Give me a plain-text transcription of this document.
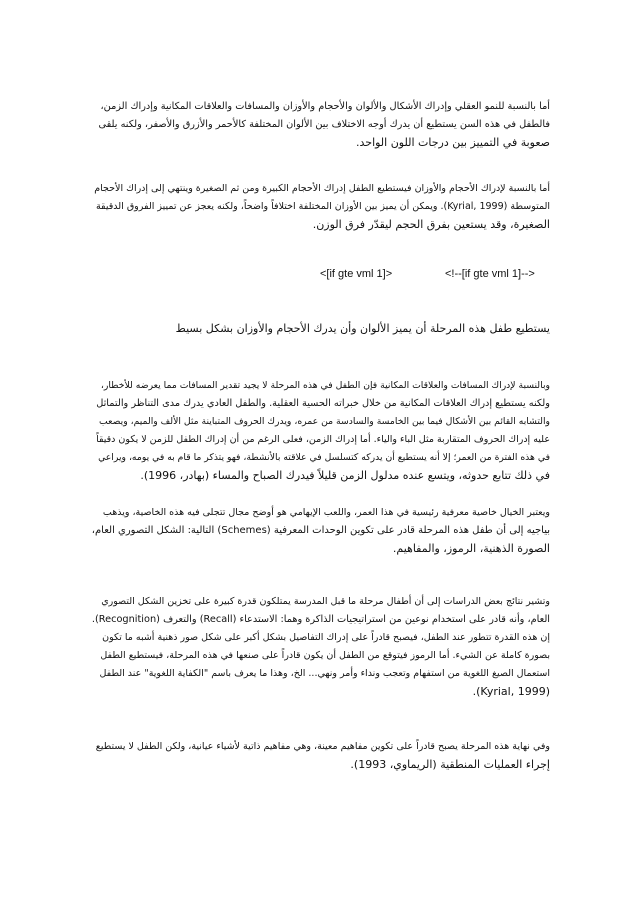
أما بالنسبة للنمو العقلي وإدراك الأشكال والألوان والأحجام والأوزان والمسافات والعلاقات المكانية وإدراك الزمن،
فالطفل في هذه السن يستطيع أن يدرك أوجه الاختلاف بين الألوان المختلفة كالأحمر والأزرق والأصفر، ولكنه يلقى
صعوبة في التمييز بين درجات اللون الواحد.
أما بالنسبة لإدراك الأحجام والأوزان فيستطيع الطفل إدراك الأحجام الكبيرة ومن ثم الصغيرة وينتهي إلى إدراك الأحجام
المتوسطة (Kyrial, 1999). ويمكن أن يميز بين الأوزان المختلفة اختلافاً واضحاً، ولكنه يعجز عن تمييز الفروق الدقيقة
الصغيرة، وقد يستعين بفرق الحجم ليقدّر فرق الوزن.
<!--[if gte vml 1]-->
<[if gte vml 1]>
يستطيع طفل هذه المرحلة أن يميز الألوان وأن يدرك الأحجام والأوزان بشكل بسيط
وبالنسبة لإدراك المسافات والعلاقات المكانية فإن الطفل في هذه المرحلة لا يجيد تقدير المسافات مما يعرضه للأخطار،
ولكنه يستطيع إدراك العلاقات المكانية من خلال خبراته الحسية العقلية. والطفل العادي يدرك مدى التناظر والتماثل
والتشابه القائم بين الأشكال فيما بين الخامسة والسادسة من عمره، ويدرك الحروف المتباينة مثل الألف والميم، ويصعب
عليه إدراك الحروف المتقاربة مثل الباء والياء. أما إدراك الزمن، فعلى الرغم من أن إدراك الطفل للزمن لا يكون دقيقاً
في هذه الفترة من العمر؛ إلا أنه يستطيع أن يدركه كتسلسل في علاقته بالأنشطة، فهو يتذكر ما قام به في يومه، ويراعي
في ذلك تتابع حدوثه، ويتسع عنده مدلول الزمن قليلاً فيدرك الصباح والمساء (بهادر، 1996).
ويعتبر الخيال خاصية معرفية رئيسية في هذا العمر، واللعب الإيهامي هو أوضح مجال تتجلى فيه هذه الخاصية، ويذهب
بياجيه إلى أن طفل هذه المرحلة قادر على تكوين الوحدات المعرفية (Schemes) التالية: الشكل التصوري العام،
الصورة الذهنية، الرموز، والمفاهيم.
وتشير نتائج بعض الدراسات إلى أن أطفال مرحلة ما قبل المدرسة يمتلكون قدرة كبيرة على تخزين الشكل التصوري
العام، وأنه قادر على استخدام نوعين من استراتيجيات الذاكرة وهما: الاستدعاء (Recall) والتعرف (Recognition).
إن هذه القدرة تتطور عند الطفل، فيصبح قادراً على إدراك التفاصيل بشكل أكبر على شكل صور ذهنية أشبه ما تكون
بصورة كاملة عن الشيء. أما الرموز فيتوقع من الطفل أن يكون قادراً على صنعها في هذه المرحلة، فيستطيع الطفل
استعمال الصيغ اللغوية من استفهام وتعجب ونداء وأمر ونهي... الخ، وهذا ما يعرف باسم "الكفاية اللغوية" عند الطفل
(Kyrial, 1999).
وفي نهاية هذه المرحلة يصبح قادراً على تكوين مفاهيم معينة، وهي مفاهيم ذاتية لأشياء عيانية، ولكن الطفل لا يستطيع
إجراء العمليات المنطقية (الريماوي، 1993).
